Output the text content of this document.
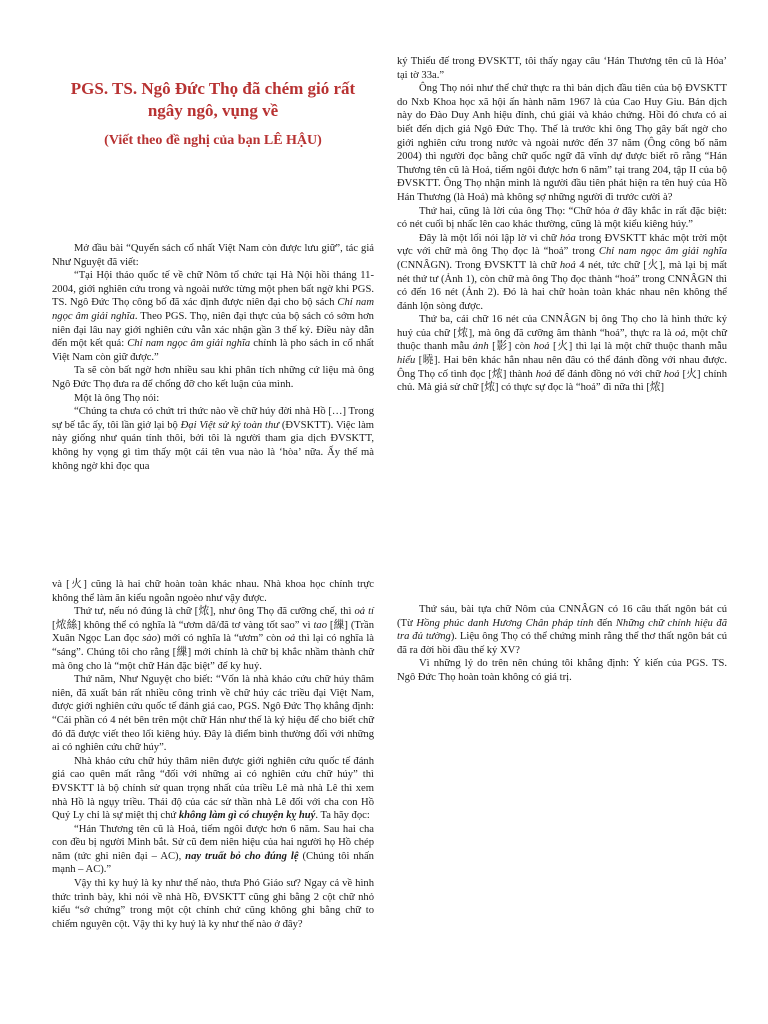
PGS. TS. Ngô Đức Thọ đã chém gió rất ngây ngô, vụng về
(Viết theo đề nghị của bạn LÊ HẬU)

Mở đầu bài “Quyển sách cổ nhất Việt Nam còn được lưu giữ”, tác giả Như Nguyệt đã viết:

“Tại Hội thảo quốc tế về chữ Nôm tổ chức tại Hà Nội hồi tháng 11-2004, giới nghiên cứu trong và ngoài nước từng một phen bất ngờ khi PGS. TS. Ngô Đức Thọ công bố đã xác định được niên đại cho bộ sách Chỉ nam ngọc âm giải nghĩa. Theo PGS. Thọ, niên đại thực của bộ sách có sớm hơn niên đại lâu nay giới nghiên cứu vẫn xác nhận gần 3 thế kỷ. Điều này dẫn đến một kết quả: Chỉ nam ngọc âm giải nghĩa chính là pho sách in cổ nhất Việt Nam còn giữ được.”

Ta sẽ còn bất ngờ hơn nhiều sau khi phân tích những cứ liệu mà ông Ngô Đức Thọ đưa ra để chống đỡ cho kết luận của mình.

Một là ông Thọ nói:

“Chúng ta chưa có chứt tri thức nào về chữ húy đời nhà Hồ […] Trong sự bế tắc ấy, tôi lần giở lại bộ Đại Việt sử ký toàn thư (ĐVSKTT). Việc làm này giống như quán tính thôi, bởi tôi là người tham gia dịch ĐVSKTT, không hy vọng gì tìm thấy một cái tên vua nào là ‘hòa’ nữa. Ấy thế mà không ngờ khi đọc qua

ký Thiếu đế trong ĐVSKTT, tôi thấy ngay câu ‘Hán Thương tên cũ là Hỏa’ tại tờ 33a.”

Ông Thọ nói như thể chứ thực ra thì bản dịch đầu tiên của bộ ĐVSKTT do Nxb Khoa học xã hội ấn hành năm 1967 là của Cao Huy Giu. Bản dịch này do Đào Duy Anh hiệu đính, chú giải và khảo chứng. Hồi đó chưa có ai biết đến dịch giả Ngô Đức Thọ. Thế là trước khi ông Thọ gây bất ngờ cho giới nghiên cứu trong nước và ngoài nước đến 37 năm (Ông công bố năm 2004) thì người đọc bằng chữ quốc ngữ đã vĩnh dự được biết rõ rằng “Hán Thương tên cũ là Hoả, tiếm ngôi được hơn 6 năm” tại trang 204, tập II của bộ ĐVSKTT. Ông Thọ nhận mình là người đầu tiên phát hiện ra tên huý của Hồ Hán Thương (là Hoả) mà không sợ những người đi trước cười à?

Thứ hai, cũng là lời của ông Thọ: “Chữ hỏa ở đây khắc in rất đặc biệt: có nét cuối bị nhấc lên cao khác thường, cũng là một kiểu kiêng húy.”

Đây là một lối nói lập lờ vì chữ hỏa trong ĐVSKTT khác một trời một vực với chữ mà ông Thọ đọc là “hoả” trong Chỉ nam ngọc âm giải nghĩa (CNNÂGN). Trong ĐVSKTT là chữ hoả 4 nét, tức chữ [火], mà lại bị mất nét thứ tư (Ảnh 1), còn chữ mà ông Thọ đọc thành “hoả” trong CNNÂGN thì có đến 16 nét (Ảnh 2). Đó là hai chữ hoàn toàn khác nhau nên không thể đánh lộn sòng được.

Thứ ba, cái chữ 16 nét của CNNÂGN bị ông Thọ cho là hình thức ký huý của chữ [㶶], mà ông đã cưỡng âm thành “hoả”, thực ra là oả, một chữ thuộc thanh mẫu ảnh [影] còn hoả [火] thì lại là một chữ thuộc thanh mẫu hiểu [曉]. Hai bên khác hẳn nhau nên đâu có thể đánh đồng với nhau được. Ông Thọ cố tình đọc [㶶] thành hoả để đánh đồng nó với chữ hoả [火] chính chủ. Mà giả sử chữ [㶶] có thực sự đọc là “hoả” đi nữa thì [㶶]

và [火] cũng là hai chữ hoàn toàn khác nhau. Nhà khoa học chính trực không thể làm ăn kiểu ngoằn ngoèo như vậy được.

Thứ tư, nếu nó đúng là chữ [㶶], như ông Thọ đã cưỡng chế, thì oả tí [㶶絲] không thể có nghĩa là “ươm dâ/đã tơ vàng tốt sao” vì tao [繅] (Trần Xuân Ngọc Lan đọc sào) mới có nghĩa là “ươm” còn oả thì lại có nghĩa là “sáng”. Chúng tôi cho rằng [繅] mới chính là chữ bị khắc nhầm thành chữ mà ông cho là “một chữ Hán đặc biệt” để ky huý.

Thứ năm, Như Nguyệt cho biết: “Vốn là nhà khảo cứu chữ húy thâm niên, đã xuất bản rất nhiều công trình về chữ húy các triều đại Việt Nam, được giới nghiên cứu quốc tế đánh giá cao, PGS. Ngô Đức Thọ khẳng định: “Cái phần có 4 nét bên trên một chữ Hán như thế là ký hiệu để cho biết chữ đó đã được viết theo lối kiêng húy. Đây là điểm bình thường đối với những ai có nghiên cứu chữ húy”.

Nhà khảo cứu chữ húy thâm niên được giới nghiên cứu quốc tế đánh giá cao quên mất rằng “đối với những ai có nghiên cứu chữ húy” thì ĐVSKTT là bộ chính sử quan trọng nhất của triều Lê mà nhà Lê thì xem nhà Hồ là ngụy triều. Thái độ của các sử thần nhà Lê đối với cha con Hồ Quý Ly chỉ là sự miệt thị chứ không làm gì có chuyện kỵ huý. Ta hãy đọc:

“Hán Thương tên cũ là Hoả, tiếm ngôi được hơn 6 năm. Sau hai cha con đều bị người Minh bắt. Sử cũ đem niên hiệu của hai người họ Hồ chép năm (tức ghi niên đại – AC), nay truất bỏ cho đúng lệ (Chúng tôi nhấn mạnh – AC).”

Vậy thì ky huý là ky như thế nào, thưa Phó Giáo sư? Ngay cả về hình thức trình bày, khi nói về nhà Hồ, ĐVSKTT cũng ghi bằng 2 cột chữ nhỏ kiểu “sở chứng” trong một cột chính chứ cũng không ghi bằng chữ to chiếm nguyên cột. Vậy thì ky huý là ky như thế nào ở đây?

Thứ sáu, bài tựa chữ Nôm của CNNÂGN có 16 câu thất ngôn bát cú (Từ Hồng phúc danh Hương Chân pháp tính đến Những chữ chính hiệu đã tra đủ tường). Liệu ông Thọ có thể chứng minh rằng thể thơ thất ngôn bát cú đã ra đời hồi đầu thế kỷ XV?

Vì những lý do trên nên chúng tôi khẳng định: Ý kiến của PGS. TS. Ngô Đức Thọ hoàn toàn không có giá trị.
